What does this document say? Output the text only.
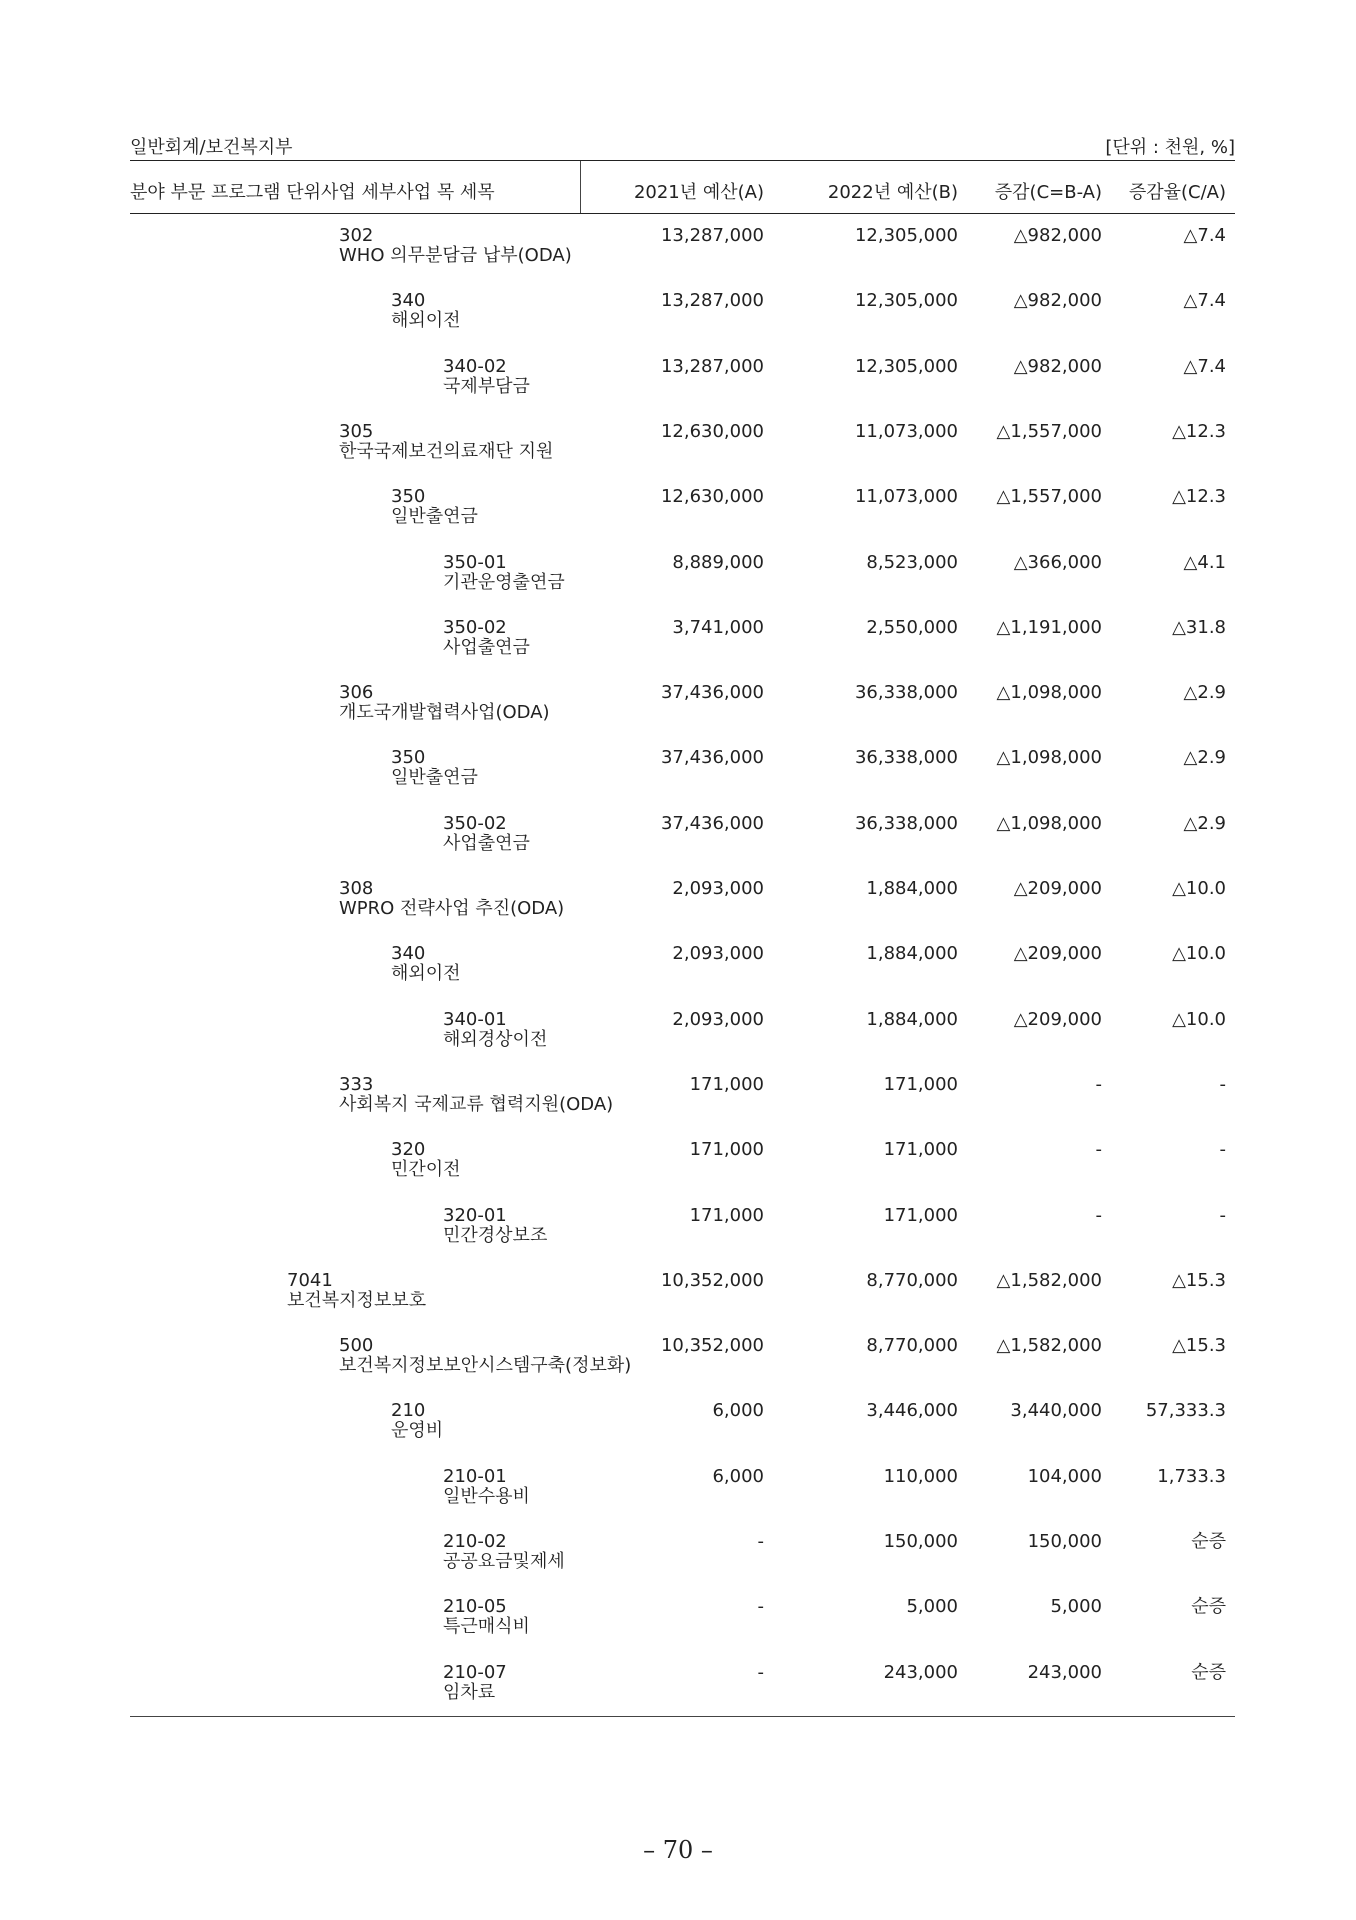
일반회계/보건복지부	[단위 : 천원, %]
분야 부문 프로그램 단위사업 세부사업 목 세목	2021년 예산(A)	2022년 예산(B) 증감(C=B-A) 증감율(C/A)
302
WHO 의무분담금 납부(ODA)
13,287,000	12,305,000	△982,000	△7.4
340
해외이전
13,287,000	12,305,000	△982,000	△7.4
340-02
국제부담금
13,287,000	12,305,000	△982,000	△7.4
305
한국국제보건의료재단 지원
12,630,000	11,073,000 △1,557,000	△12.3
350
일반출연금
12,630,000	11,073,000 △1,557,000	△12.3
350-01
기관운영출연금
8,889,000	8,523,000	△366,000	△4.1
350-02
사업출연금
3,741,000	2,550,000 △1,191,000	△31.8
306
개도국개발협력사업(ODA)
37,436,000	36,338,000 △1,098,000	△2.9
350
일반출연금
37,436,000	36,338,000 △1,098,000	△2.9
350-02
사업출연금
37,436,000	36,338,000 △1,098,000	△2.9
308
WPRO 전략사업 추진(ODA)
2,093,000	1,884,000	△209,000	△10.0
340
해외이전
2,093,000	1,884,000	△209,000	△10.0
340-01
해외경상이전
2,093,000	1,884,000	△209,000	△10.0
333
사회복지 국제교류 협력지원(ODA)
171,000	171,000	-	-
320
민간이전
171,000	171,000	-	-
320-01
민간경상보조
171,000	171,000	-	-
7041
보건복지정보보호
10,352,000	8,770,000 △1,582,000	△15.3
500
보건복지정보보안시스템구축(정보화)
10,352,000	8,770,000 △1,582,000	△15.3
210
운영비
6,000	3,446,000	3,440,000 57,333.3
210-01
일반수용비
6,000	110,000	104,000	1,733.3
210-02
공공요금및제세
-	150,000	150,000	순증
210-05
특근매식비
-	5,000	5,000	순증
210-07
임차료
-	243,000	243,000	순증
– 70 –
